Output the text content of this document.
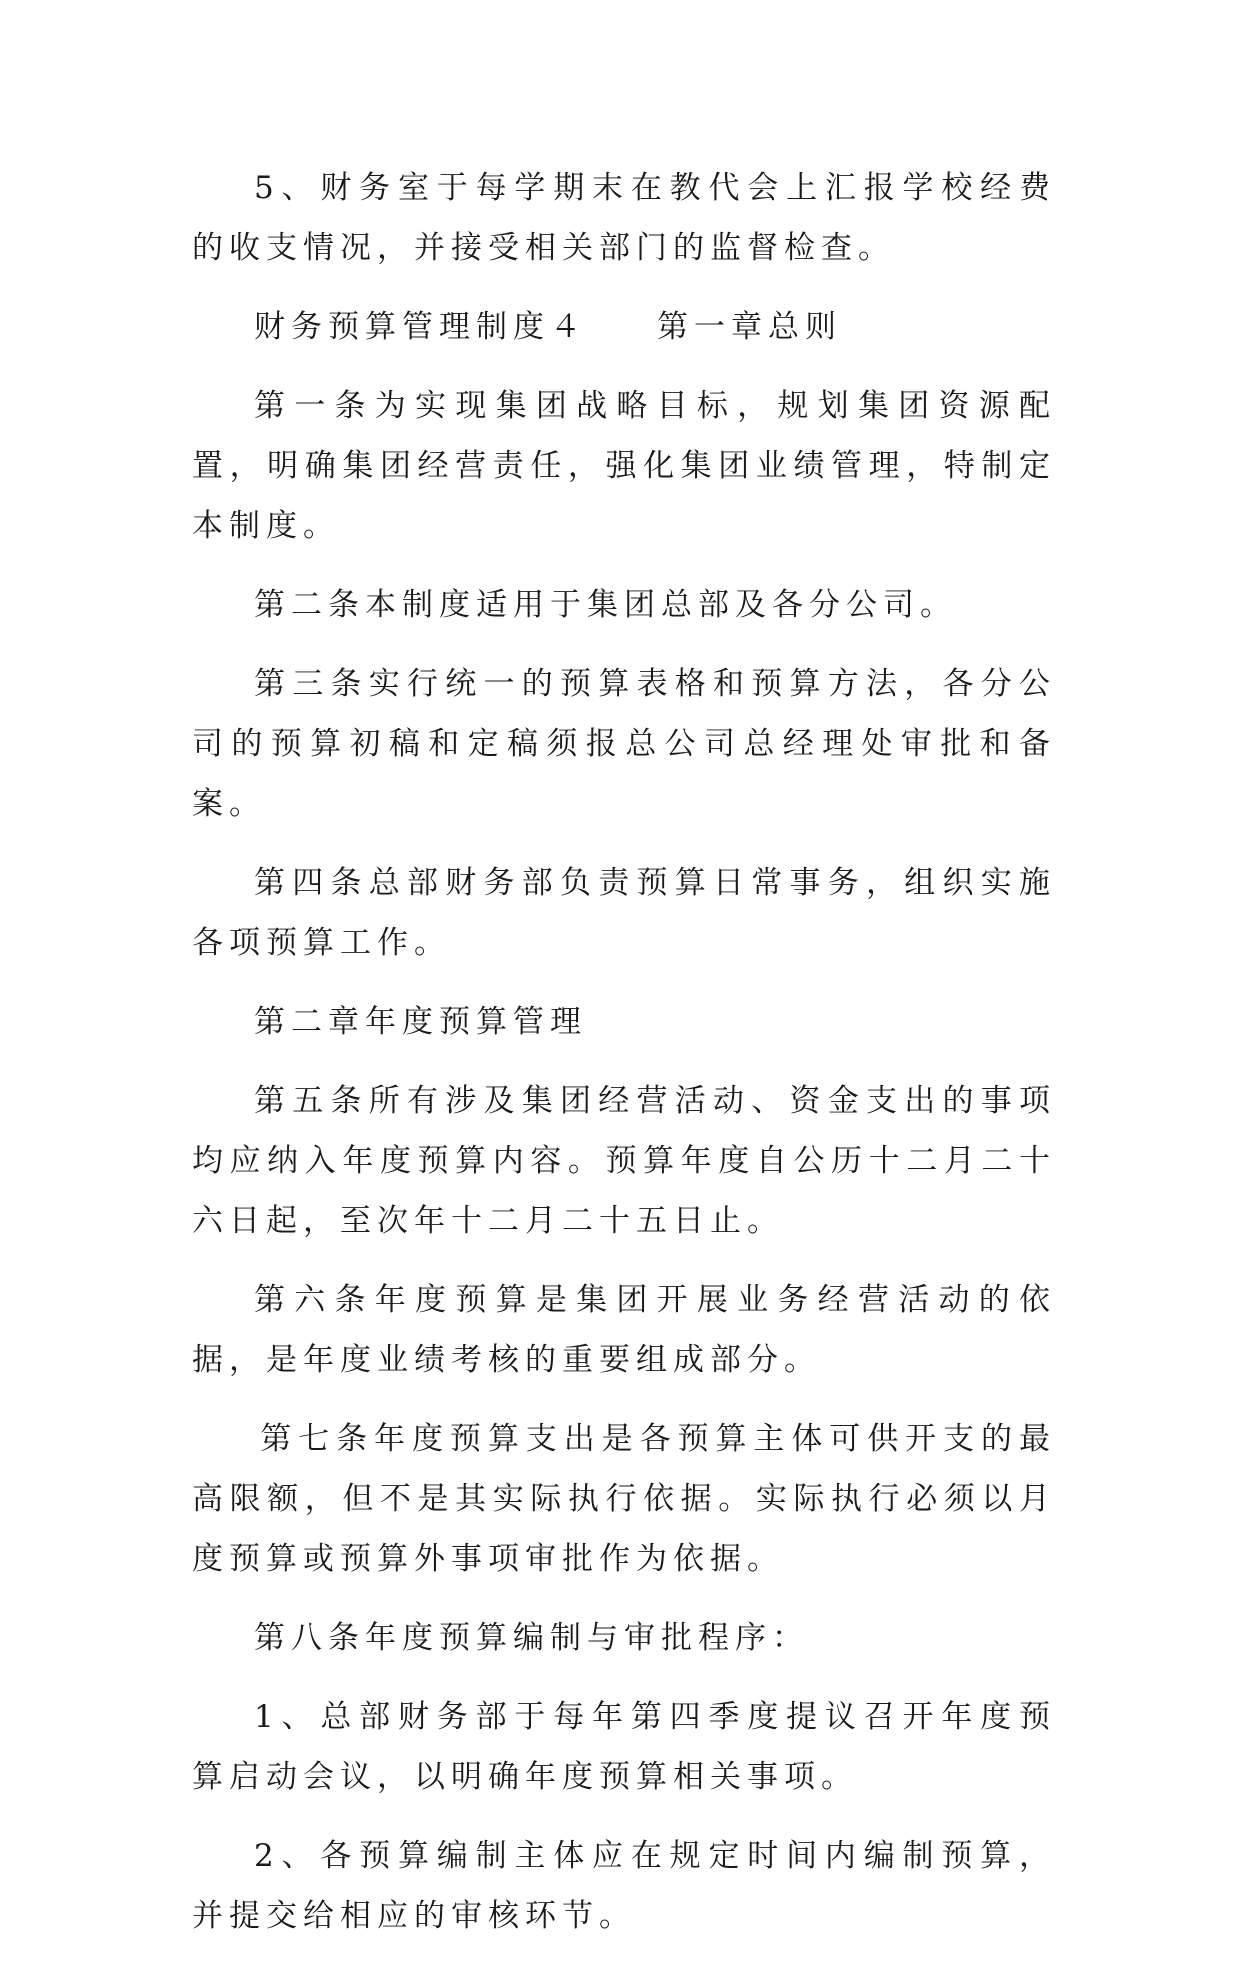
5、财务室于每学期末在教代会上汇报学校经费的收支情况，并接受相关部门的监督检查。

财务预算管理制度４ 第一章总则

第一条为实现集团战略目标，规划集团资源配置，明确集团经营责任，强化集团业绩管理，特制定本制度。

第二条本制度适用于集团总部及各分公司。

第三条实行统一的预算表格和预算方法，各分公司的预算初稿和定稿须报总公司总经理处审批和备案。

第四条总部财务部负责预算日常事务，组织实施各项预算工作。

第二章年度预算管理

第五条所有涉及集团经营活动、资金支出的事项均应纳入年度预算内容。预算年度自公历十二月二十六日起，至次年十二月二十五日止。

第六条年度预算是集团开展业务经营活动的依据，是年度业绩考核的重要组成部分。

第七条年度预算支出是各预算主体可供开支的最高限额，但不是其实际执行依据。实际执行必须以月度预算或预算外事项审批作为依据。

第八条年度预算编制与审批程序：

1、总部财务部于每年第四季度提议召开年度预算启动会议，以明确年度预算相关事项。

2、各预算编制主体应在规定时间内编制预算，并提交给相应的审核环节。
